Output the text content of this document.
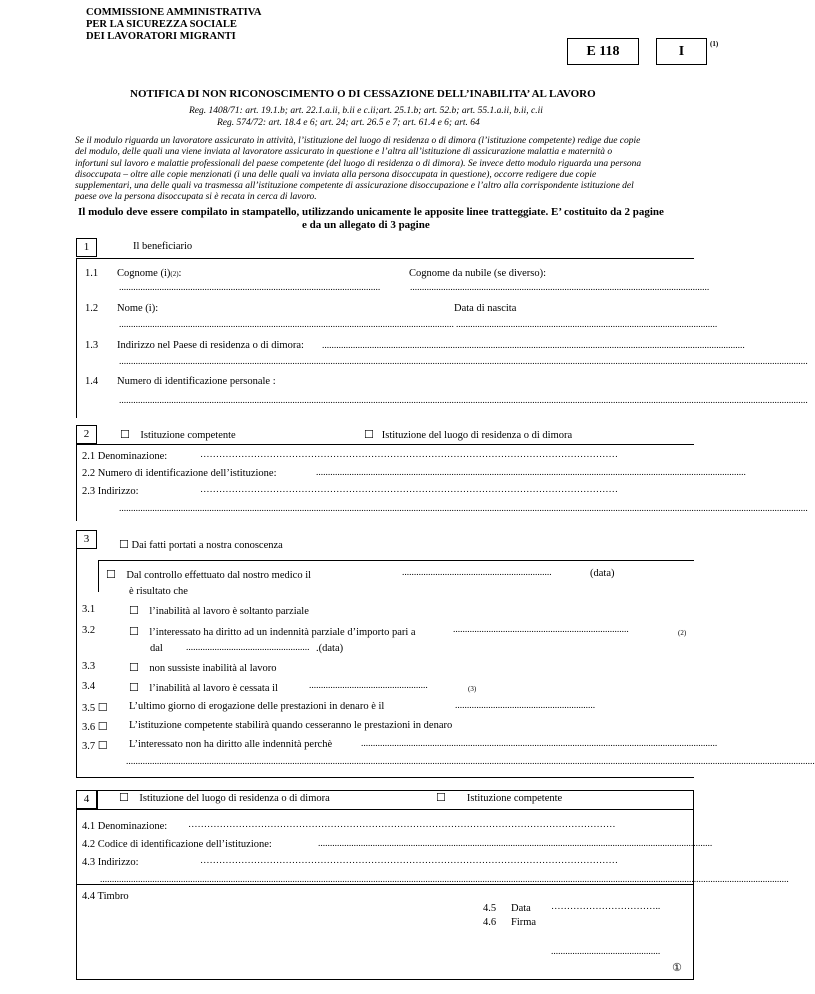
COMMISSIONE AMMINISTRATIVA
PER LA SICUREZZA SOCIALE
DEI LAVORATORI MIGRANTI
E 118	I	(1)
NOTIFICA DI NON RICONOSCIMENTO O DI CESSAZIONE DELL’INABILITA’ AL LAVORO
Reg. 1408/71: art. 19.1.b; art. 22.1.a.ii, b.ii e c.ii;art. 25.1.b; art. 52.b; art. 55.1.a.ii, b.ii, c.ii
Reg. 574/72: art. 18.4 e 6; art. 24; art. 26.5 e 7; art. 61.4 e 6; art. 64
Se il modulo riguarda un lavoratore assicurato in attività, l’istituzione del luogo di residenza o di dimora (l’istituzione competente) redige due copie
del modulo, delle quali una viene inviata al lavoratore assicurato in questione e l’altra all’istituzione di assicurazione malattia e maternità o
infortuni sul lavoro e malattie professionali del paese competente (del luogo di residenza o di dimora). Se invece detto modulo riguarda una persona
disoccupata – oltre alle copie menzionati (i una delle quali va inviata alla persona disoccupata in questione), occorre redigere due copie
supplementari, una delle quali va trasmessa all’istituzione competente di assicurazione disoccupazione e l’altro alla corrispondente istituzione del
paese ove la persona disoccupata si è recata in cerca di lavoro.
Il modulo deve essere compilato in stampatello, utilizzando unicamente le apposite linee tratteggiate. E’ costituito da 2 pagine
e da un allegato di 3 pagine
1	Il beneficiario
1.1 Cognome (i)(2):	Cognome da nubile (se diverso):
..............................................................................................................	..............................................................................................................................
1.2 Nome (i):	Data di nascita
............................................................................................................................................. ..............................................................................................................
1.3 Indirizzo nel Paese di residenza o di dimora: ..................................................................................................................................................................................
..................................................................................................................................................................................................................................................................................................
1.4 Numero di identificazione personale :
..................................................................................................................................................................................................................................................................................................
2	☐ Istituzione competente	☐ Istituzione del luogo di residenza o di dimora
2.1 Denominazione:	……………………………………………………………………………………………………………………
2.2 Numero di identificazione dell’istituzione:	.....................................................................................................................................................................................
2.3 Indirizzo:	……………………………………………………………………………………………………………………
..................................................................................................................................................................................................................................................................................................
3	☐ Dai fatti portati a nostra conoscenza
☐ Dal controllo effettuato dal nostro medico il	...............................................................	(data)
è risultato che
3.1	☐ l’inabilità al lavoro è soltanto parziale
3.2	☐ l’interessato ha diritto ad un indennità parziale d’importo pari a	..........................................................................	(2)
dal .................................................... .(data)
3.3	☐ non sussiste inabilità al lavoro
3.4	☐ l’inabilità al lavoro è cessata il	..................................................	(3)
3.5 ☐ L’ultimo giorno di erogazione delle prestazioni in denaro è il	...........................................................
3.6 ☐ L’istituzione competente stabilirà quando cesseranno le prestazioni in denaro
3.7 ☐ L’interessato non ha diritto alle indennità perchè	......................................................................................................................................................
..................................................................................................................................................................................................................................................................................................
4	☐ Istituzione del luogo di residenza o di dimora	☐ Istituzione competente
4.1 Denominazione: ………………………………………………………………………………………………………………………
4.2 Codice di identificazione dell’istituzione:	......................................................................................................................................................................
4.3 Indirizzo:	……………………………………………………………………………………………………………………
..................................................................................................................................................................................................................................................................................................
4.4 Timbro
4.5 Data ……………………………..
4.6 Firma
..............................................
①
